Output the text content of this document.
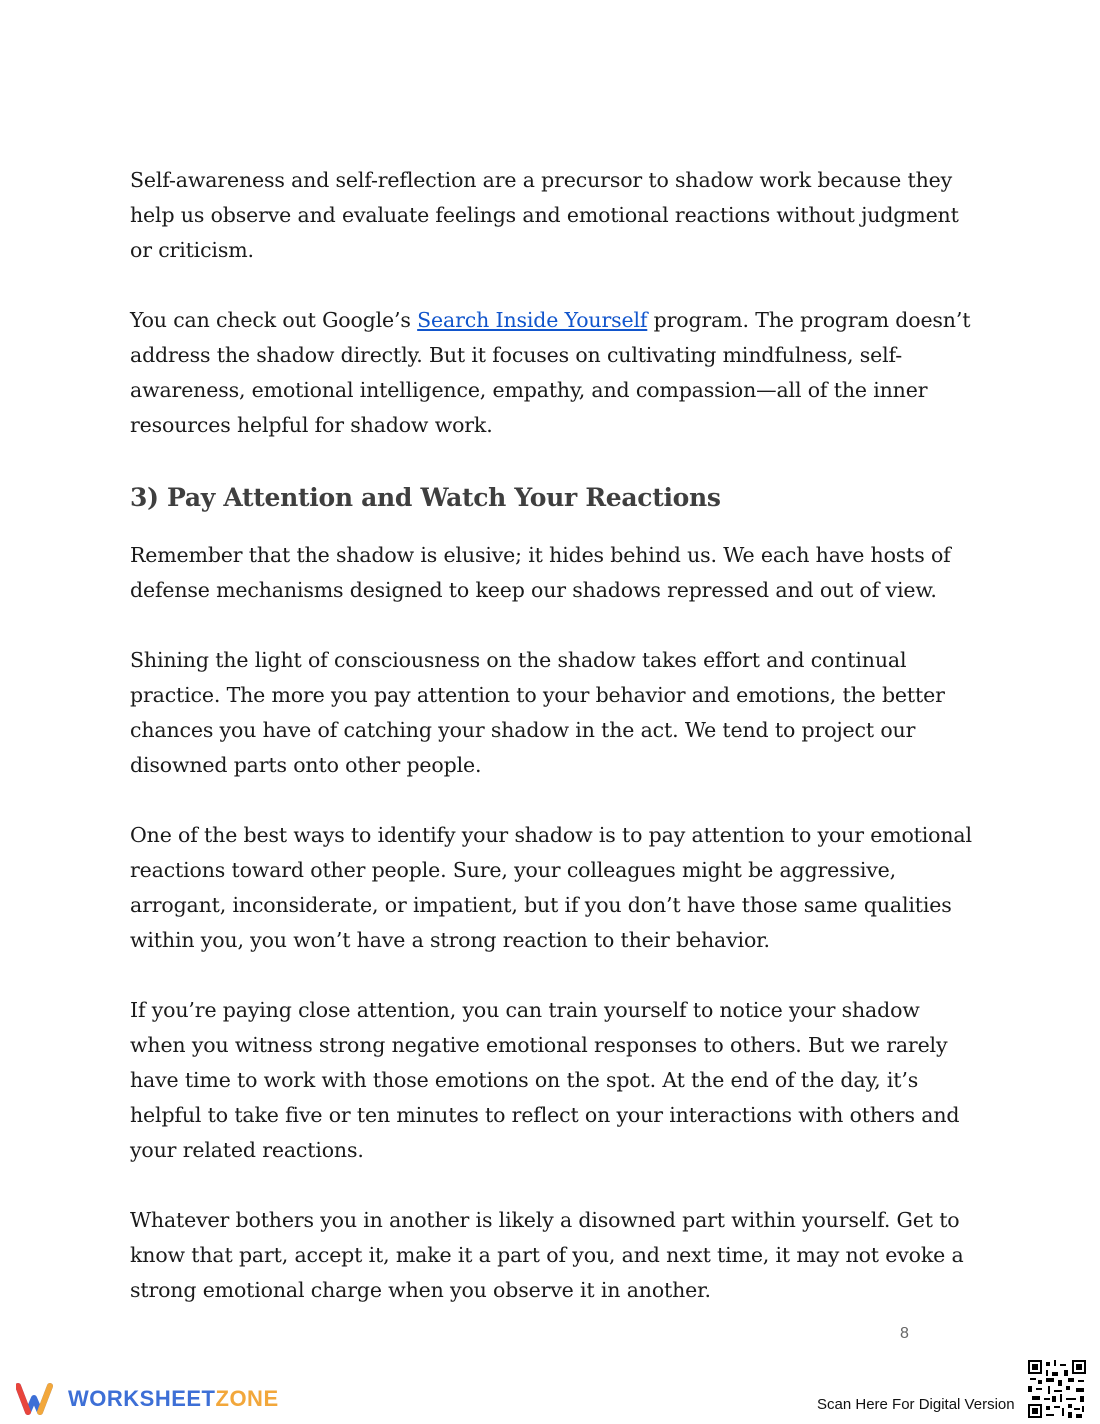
Self-awareness and self-reflection are a precursor to shadow work because they help us observe and evaluate feelings and emotional reactions without judgment or criticism.

You can check out Google’s Search Inside Yourself program. The program doesn’t address the shadow directly. But it focuses on cultivating mindfulness, self-awareness, emotional intelligence, empathy, and compassion—all of the inner resources helpful for shadow work.

3) Pay Attention and Watch Your Reactions

Remember that the shadow is elusive; it hides behind us. We each have hosts of defense mechanisms designed to keep our shadows repressed and out of view.

Shining the light of consciousness on the shadow takes effort and continual practice. The more you pay attention to your behavior and emotions, the better chances you have of catching your shadow in the act. We tend to project our disowned parts onto other people.

One of the best ways to identify your shadow is to pay attention to your emotional reactions toward other people. Sure, your colleagues might be aggressive, arrogant, inconsiderate, or impatient, but if you don’t have those same qualities within you, you won’t have a strong reaction to their behavior.

If you’re paying close attention, you can train yourself to notice your shadow when you witness strong negative emotional responses to others. But we rarely have time to work with those emotions on the spot. At the end of the day, it’s helpful to take five or ten minutes to reflect on your interactions with others and your related reactions.

Whatever bothers you in another is likely a disowned part within yourself. Get to know that part, accept it, make it a part of you, and next time, it may not evoke a strong emotional charge when you observe it in another.

8
WORKSHEETZONE	Scan Here For Digital Version
